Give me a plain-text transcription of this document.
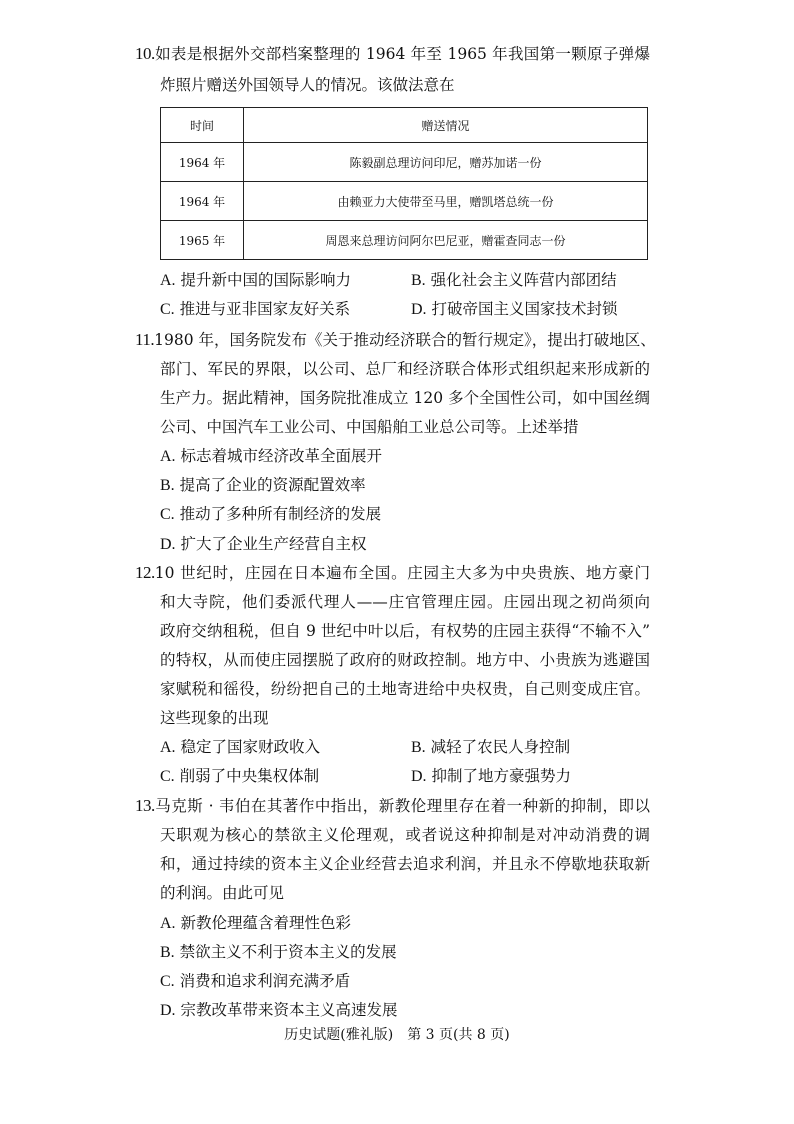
10.如表是根据外交部档案整理的 1964 年至 1965 年我国第一颗原子弹爆
炸照片赠送外国领导人的情况。该做法意在
时间	赠送情况
1964 年	陈毅副总理访问印尼，赠苏加诺一份
1964 年	由赖亚力大使带至马里，赠凯塔总统一份
1965 年	周恩来总理访问阿尔巴尼亚，赠霍查同志一份
A. 提升新中国的国际影响力	B. 强化社会主义阵营内部团结
C. 推进与亚非国家友好关系	D. 打破帝国主义国家技术封锁
11.1980 年，国务院发布《关于推动经济联合的暂行规定》，提出打破地区、
部门、军民的界限，以公司、总厂和经济联合体形式组织起来形成新的
生产力。据此精神，国务院批准成立 120 多个全国性公司，如中国丝绸
公司、中国汽车工业公司、中国船舶工业总公司等。上述举措
A. 标志着城市经济改革全面展开
B. 提高了企业的资源配置效率
C. 推动了多种所有制经济的发展
D. 扩大了企业生产经营自主权
12.10 世纪时，庄园在日本遍布全国。庄园主大多为中央贵族、地方豪门
和大寺院，他们委派代理人——庄官管理庄园。庄园出现之初尚须向
政府交纳租税，但自 9 世纪中叶以后，有权势的庄园主获得“不输不入”
的特权，从而使庄园摆脱了政府的财政控制。地方中、小贵族为逃避国
家赋税和徭役，纷纷把自己的土地寄进给中央权贵，自己则变成庄官。
这些现象的出现
A. 稳定了国家财政收入	B. 减轻了农民人身控制
C. 削弱了中央集权体制	D. 抑制了地方豪强势力
13.马克斯 · 韦伯在其著作中指出，新教伦理里存在着一种新的抑制，即以
天职观为核心的禁欲主义伦理观，或者说这种抑制是对冲动消费的调
和，通过持续的资本主义企业经营去追求利润，并且永不停歇地获取新
的利润。由此可见
A. 新教伦理蕴含着理性色彩
B. 禁欲主义不利于资本主义的发展
C. 消费和追求利润充满矛盾
D. 宗教改革带来资本主义高速发展
历史试题(雅礼版)　第 3 页(共 8 页)
